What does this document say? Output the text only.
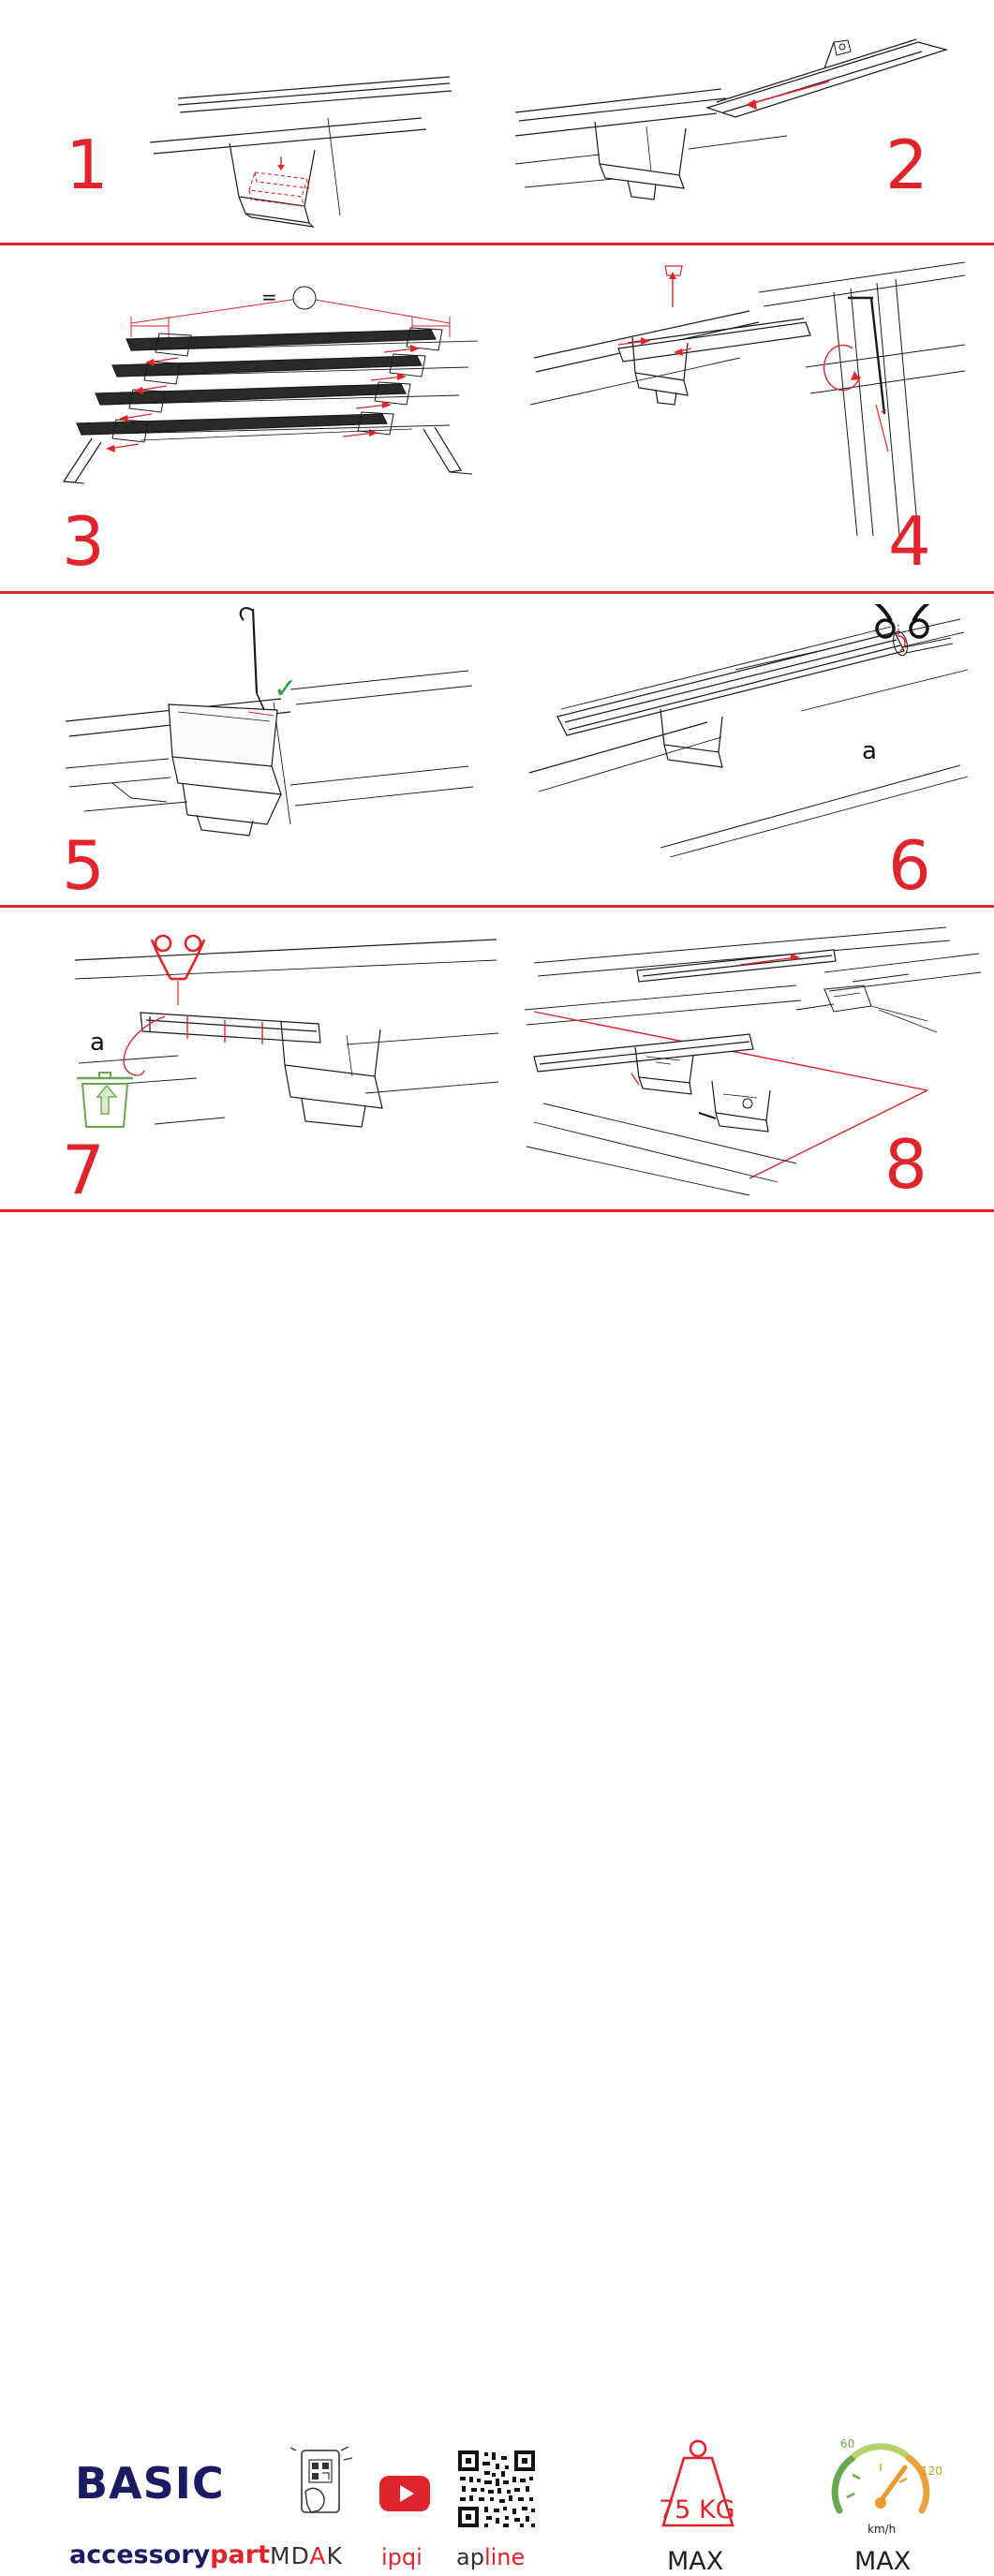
1	2
=
3	4
✓
5
a
6
a
7	8
BASIC
accessorypart MDAK ipqi apline
75 KG
MAX
60
120
km/h
MAX
